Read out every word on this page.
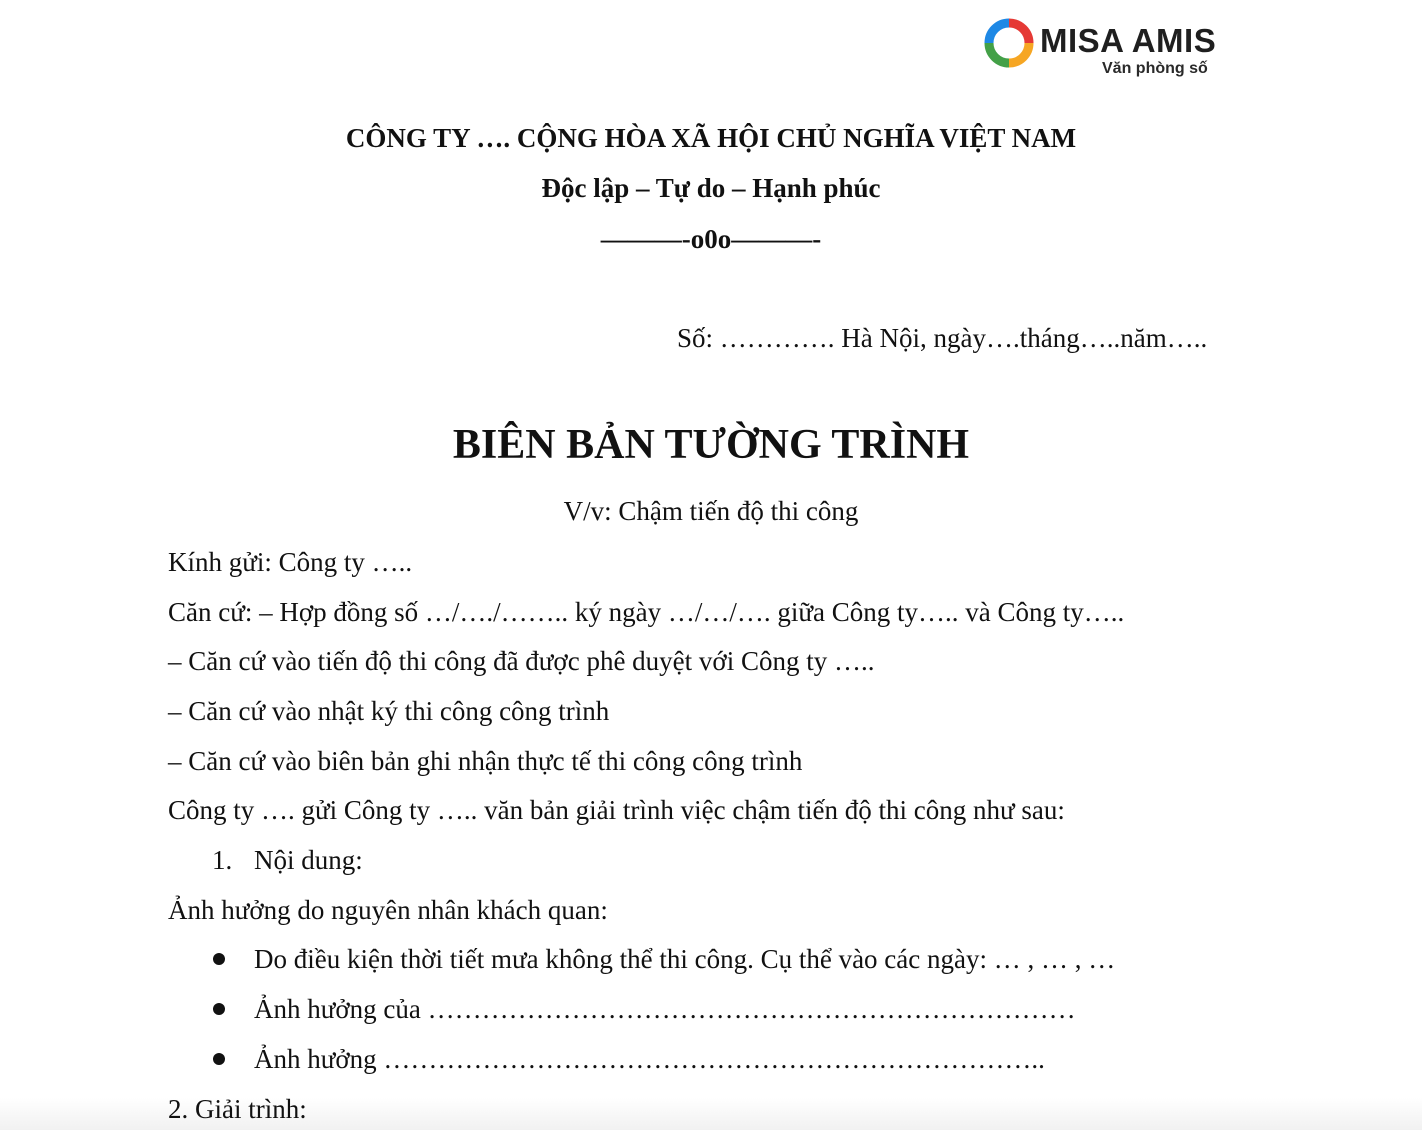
MISA AMIS
Văn phòng số
CÔNG TY …. CỘNG HÒA XÃ HỘI CHỦ NGHĨA VIỆT NAM
Độc lập – Tự do – Hạnh phúc
———-o0o———-
Số: …………. Hà Nội, ngày….tháng…..năm…..
BIÊN BẢN TƯỜNG TRÌNH
V/v: Chậm tiến độ thi công
Kính gửi: Công ty …..
Căn cứ: – Hợp đồng số …/…./…….. ký ngày …/…/…. giữa Công ty….. và Công ty…..
– Căn cứ vào tiến độ thi công đã được phê duyệt với Công ty …..
– Căn cứ vào nhật ký thi công công trình
– Căn cứ vào biên bản ghi nhận thực tế thi công công trình
Công ty …. gửi Công ty ….. văn bản giải trình việc chậm tiến độ thi công như sau:
1. Nội dung:
Ảnh hưởng do nguyên nhân khách quan:
Do điều kiện thời tiết mưa không thể thi công. Cụ thể vào các ngày: … , … , …
Ảnh hưởng của ………………………………………………………………
Ảnh hưởng ………………………………………………………………..
2. Giải trình:
